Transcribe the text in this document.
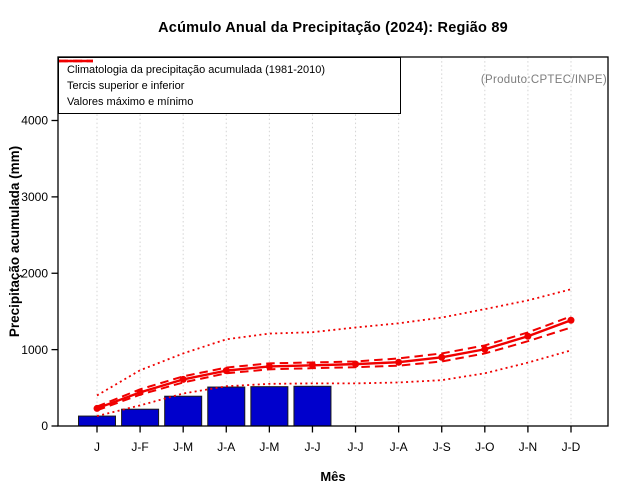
Acúmulo Anual da Precipitação (2024): Região 89
J	J-F J-M J-A J-M J-J J-J J-A J-S J-O J-N J-D
0
1000
2000
3000
4000
Climatologia da precipitação acumulada (1981-2010)
Tercis superior e inferior
Valores máximo e mínimo
(Produto:CPTEC/INPE)
Precipitação acumulada (mm)
Mês
